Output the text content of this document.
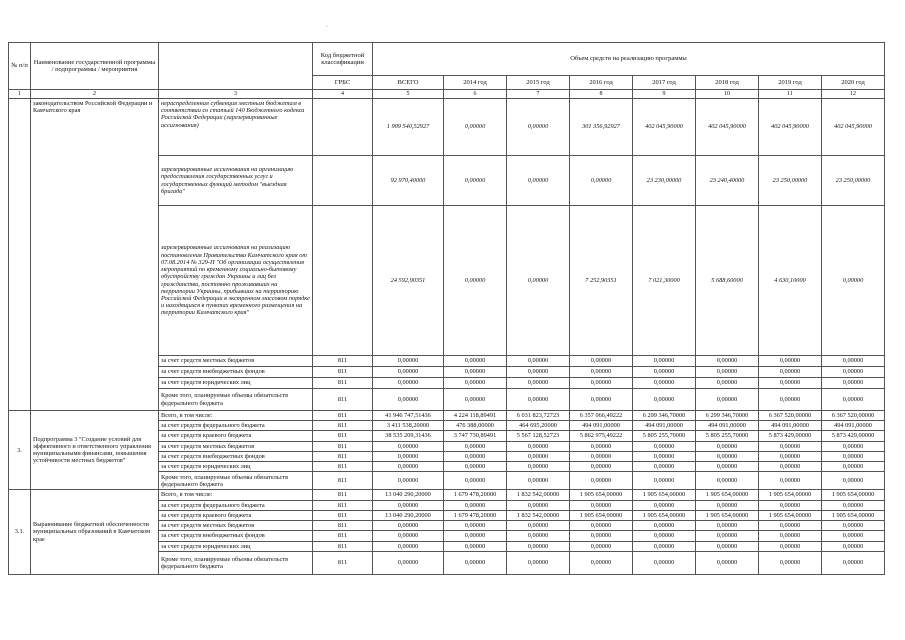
·
№ п/п	Наименование государственной программы / подпрограммы / мероприятия		Код бюджетной классификации	Объем средств на реализацию программы							
			ГРБС	ВСЕГО	2014 год	2015 год	2016 год	2017 год	2018 год	2019 год	2020 год
1	2	3	4	5	6	7	8	9	10	11	12
	законодательством Российской Федерации и Камчатского края	нераспределенная субвенция местным бюджетам в соответствии со статьей 140 Бюджетного кодекса Российской Федерации (зарезервированные ассигнования)		1 909 540,52927	0,00000	0,00000	301 356,92927	402 045,90000	402 045,90000	402 045,90000	402 045,90000
		зарезервированные ассигнования на организацию предоставления государственных услуг и государственных функций методом "выездная бригада"		92 970,40000	0,00000	0,00000	0,00000	23 230,00000	23 240,40000	23 250,00000	23 250,00000
		зарезервированные ассигнования на реализацию постановления Правительства Камчатского края от 07.08.2014 № 329-П "Об организации осуществления мероприятий по временному социально-бытовому обустройству граждан Украины и лиц без гражданства, постоянно проживавших на территории Украины, прибывших на территорию Российской Федерации в экстренном массовом порядке и находящихся в пунктах временного размещения на территории Камчатского края"		24 592,90351	0,00000	0,00000	7 252,90351	7 021,30000	5 688,60000	4 630,10000	0,00000
		за счет средств местных бюджетов	811	0,00000	0,00000	0,00000	0,00000	0,00000	0,00000	0,00000	0,00000
		за счет средств внебюджетных фондов	811	0,00000	0,00000	0,00000	0,00000	0,00000	0,00000	0,00000	0,00000
		за счет средств юридических лиц	811	0,00000	0,00000	0,00000	0,00000	0,00000	0,00000	0,00000	0,00000
		Кроме того, планируемые объемы обязательств федерального бюджета	811	0,00000	0,00000	0,00000	0,00000	0,00000	0,00000	0,00000	0,00000
3.	Подпрограмма 3 "Создание условий для эффективного и ответственного управления муниципальными финансами, повышения устойчивости местных бюджетов"	Всего, в том числе:	811	41 946 747,51436	4 224 118,89491	6 031 823,72723	6 357 066,49222	6 299 346,70000	6 299 346,70000	6 367 520,00000	6 367 520,00000
		за счет средств федерального бюджета	811	3 411 538,20000	476 388,00000	464 695,20000	494 091,00000	494 091,00000	494 091,00000	494 091,00000	494 091,00000
		за счет средств краевого бюджета	811	38 535 209,31436	3 747 730,89491	5 567 128,52723	5 862 975,49222	5 805 255,70000	5 805 255,70000	5 873 429,00000	5 873 429,00000
		за счет средств местных бюджетов	811	0,00000	0,00000	0,00000	0,00000	0,00000	0,00000	0,00000	0,00000
		за счет средств внебюджетных фондов	811	0,00000	0,00000	0,00000	0,00000	0,00000	0,00000	0,00000	0,00000
		за счет средств юридических лиц	811	0,00000	0,00000	0,00000	0,00000	0,00000	0,00000	0,00000	0,00000
		Кроме того, планируемые объемы обязательств федерального бюджета	811	0,00000	0,00000	0,00000	0,00000	0,00000	0,00000	0,00000	0,00000
3.1.	Выравнивание бюджетной обеспеченности муниципальных образований в Камчатском крае	Всего, в том числе:	811	13 040 290,20000	1 679 478,20000	1 832 542,00000	1 905 654,00000	1 905 654,00000	1 905 654,00000	1 905 654,00000	1 905 654,00000
		за счет средств федерального бюджета	811	0,00000	0,00000	0,00000	0,00000	0,00000	0,00000	0,00000	0,00000
		за счет средств краевого бюджета	811	13 040 290,20000	1 679 478,20000	1 832 542,00000	1 905 654,00000	1 905 654,00000	1 905 654,00000	1 905 654,00000	1 905 654,00000
		за счет средств местных бюджетов	811	0,00000	0,00000	0,00000	0,00000	0,00000	0,00000	0,00000	0,00000
		за счет средств внебюджетных фондов	811	0,00000	0,00000	0,00000	0,00000	0,00000	0,00000	0,00000	0,00000
		за счет средств юридических лиц	811	0,00000	0,00000	0,00000	0,00000	0,00000	0,00000	0,00000	0,00000
		Кроме того, планируемые объемы обязательств федерального бюджета	811	0,00000	0,00000	0,00000	0,00000	0,00000	0,00000	0,00000	0,00000
